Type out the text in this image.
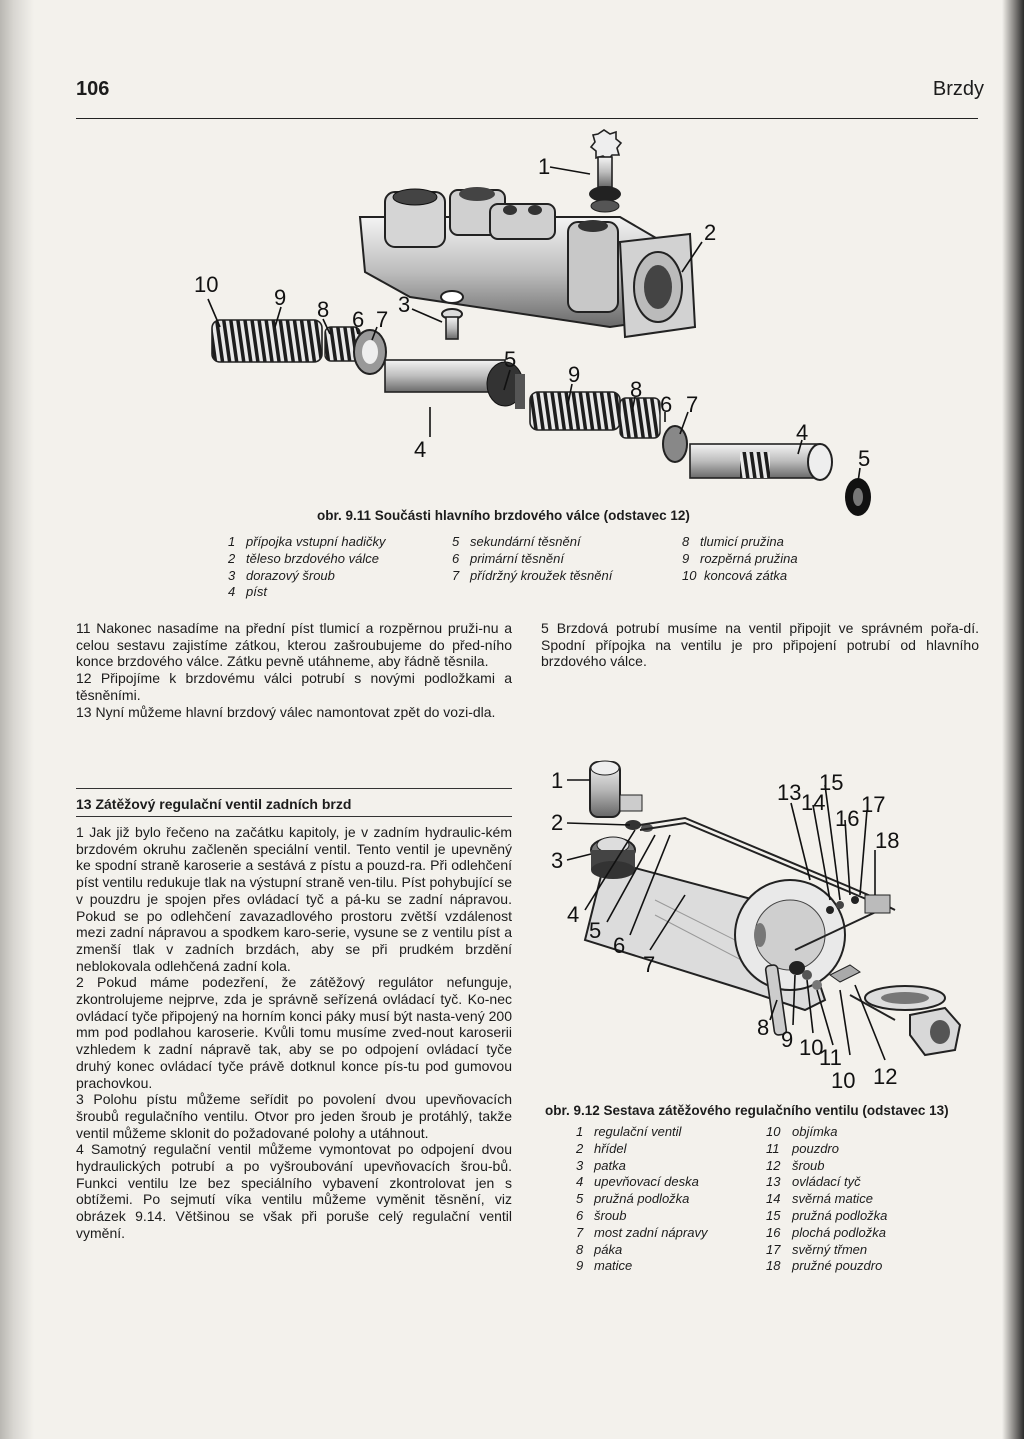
106	Brzdy
1
2
3
4
5
6 7
8
9
10
9
8
6 7
4
5
obr. 9.11 Součásti hlavního brzdového válce (odstavec 12)
1 přípojka vstupní hadičky
2 těleso brzdového válce
3 dorazový šroub
4 píst
5 sekundární těsnění
6 primární těsnění
7 přídržný kroužek těsnění
8 tlumicí pružina
9 rozpěrná pružina
10 koncová zátka

11 Nakonec nasadíme na přední píst tlumicí a rozpěrnou pruži-nu a celou sestavu zajistíme zátkou, kterou zašroubujeme do před-ního konce brzdového válce. Zátku pevně utáhneme, aby řádně těsnila.

12 Připojíme k brzdovému válci potrubí s novými podložkami a těsněními.

13 Nyní můžeme hlavní brzdový válec namontovat zpět do vozi-dla.

13 Zátěžový regulační ventil zadních brzd

1 Jak již bylo řečeno na začátku kapitoly, je v zadním hydraulic-kém brzdovém okruhu začleněn speciální ventil. Tento ventil je upevněný ke spodní straně karoserie a sestává z pístu a pouzd-ra. Při odlehčení píst ventilu redukuje tlak na výstupní straně ven-tilu. Píst pohybující se v pouzdru je spojen přes ovládací tyč a pá-ku se zadní nápravou. Pokud se po odlehčení zavazadlového prostoru zvětší vzdálenost mezi zadní nápravou a spodkem karo-serie, vysune se z ventilu píst a zmenší tlak v zadních brzdách, aby se při prudkém brzdění neblokovala odlehčená zadní kola.

2 Pokud máme podezření, že zátěžový regulátor nefunguje, zkontrolujeme nejprve, zda je správně seřízená ovládací tyč. Ko-nec ovládací tyče připojený na horním konci páky musí být nasta-vený 200 mm pod podlahou karoserie. Kvůli tomu musíme zved-nout karoserii vzhledem k zadní nápravě tak, aby se po odpojení ovládací tyče druhý konec ovládací tyče právě dotknul konce pís-tu pod gumovou prachovkou.

3 Polohu pístu můžeme seřídit po povolení dvou upevňovacích šroubů regulačního ventilu. Otvor pro jeden šroub je protáhlý, takže ventil můžeme sklonit do požadované polohy a utáhnout.

4 Samotný regulační ventil můžeme vymontovat po odpojení dvou hydraulických potrubí a po vyšroubování upevňovacích šrou-bů. Funkci ventilu lze bez speciálního vybavení zkontrolovat jen s obtížemi. Po sejmutí víka ventilu můžeme vyměnit těsnění, viz obrázek 9.14. Většinou se však při poruše celý regulační ventil vymění.

5 Brzdová potrubí musíme na ventil připojit ve správném pořa-dí. Spodní přípojka na ventilu je pro připojení potrubí od hlavního brzdového válce.

1
2
3
4
5
6
7
8 9 10
11
10 12
13 14
15
16
17
18
obr. 9.12 Sestava zátěžového regulačního ventilu (odstavec 13)
1 regulační ventil
2 hřídel
3 patka
4 upevňovací deska
5 pružná podložka
6 šroub
7 most zadní nápravy
8 páka
9 matice
10 objímka
11 pouzdro
12 šroub
13 ovládací tyč
14 svěrná matice
15 pružná podložka
16 plochá podložka
17 svěrný třmen
18 pružné pouzdro
